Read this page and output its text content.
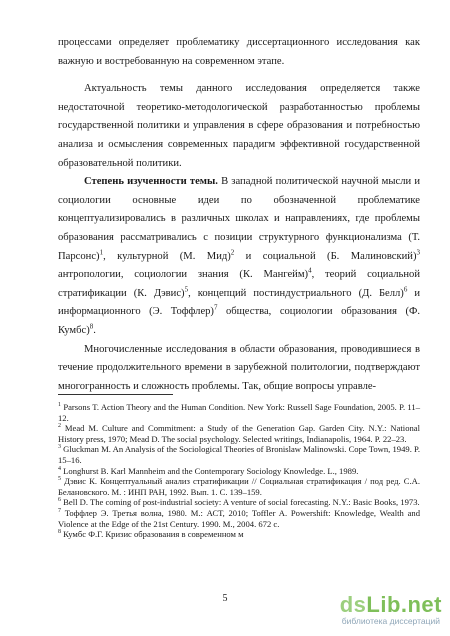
процессами определяет проблематику диссертационного исследования как важную и востребованную на современном этапе.

Актуальность темы данного исследования определяется также недостаточной теоретико-методологической разработанностью проблемы государственной политики и управления в сфере образования и потребностью анализа и осмысления современных парадигм эффективной государственной образовательной политики.

Степень изученности темы. В западной политической научной мысли и социологии основные идеи по обозначенной проблематике концептуализировались в различных школах и направлениях, где проблемы образования рассматривались с позиции структурного функционализма (Т. Парсонс)$^1$, культурной (М. Мид)$^2$ и социальной (Б. Малиновский)$^3$ антропологии, социологии знания (К. Мангейм)$^4$, теорий социальной стратификации (К. Дэвис)$^5$, концепций постиндустриального (Д. Белл)$^6$ и информационного (Э. Тоффлер)$^7$ общества, социологии образования (Ф. Кумбс)$^8$.

Многочисленные исследования в области образования, проводившиеся в течение продолжительного времени в зарубежной политологии, подтверждают многогранность и сложность проблемы. Так, общие вопросы управле-

$^1$ Parsons T. Action Theory and the Human Condition. New York: Russell Sage Foundation, 2005. P. 11–12.

$^2$ Mead M. Culture and Commitment: a Study of the Generation Gap. Garden City. N.Y.: National History press, 1970; Mead D. The social psychology. Selected writings, Indianapolis, 1964. P. 22–23.

$^3$ Gluckman M. An Analysis of the Sociological Theories of Bronislaw Malinowski. Cope Town, 1949. P. 15–16.

$^4$ Longhurst B. Karl Mannheim and the Contemporary Sociology Knowledge. L., 1989.

$^5$ Дэвис К. Концептуальный анализ стратификации // Социальная стратификация / под ред. С.А. Белановского. М. : ИНП РАН, 1992. Вып. 1. С. 139–159.

$^6$ Bell D. The coming of post-industrial society: A venture of social forecasting. N.Y.: Basic Books, 1973.

$^7$ Тоффлер Э. Третья волна, 1980. М.: АСТ, 2010; Toffler A. Powershift: Knowledge, Wealth and Violence at the Edge of the 21st Century. 1990. M., 2004. 672 с.

$^8$ Кумбс Ф.Г. Кризис образования в современном м

5	dsLib.net
библиотека диссертаций
